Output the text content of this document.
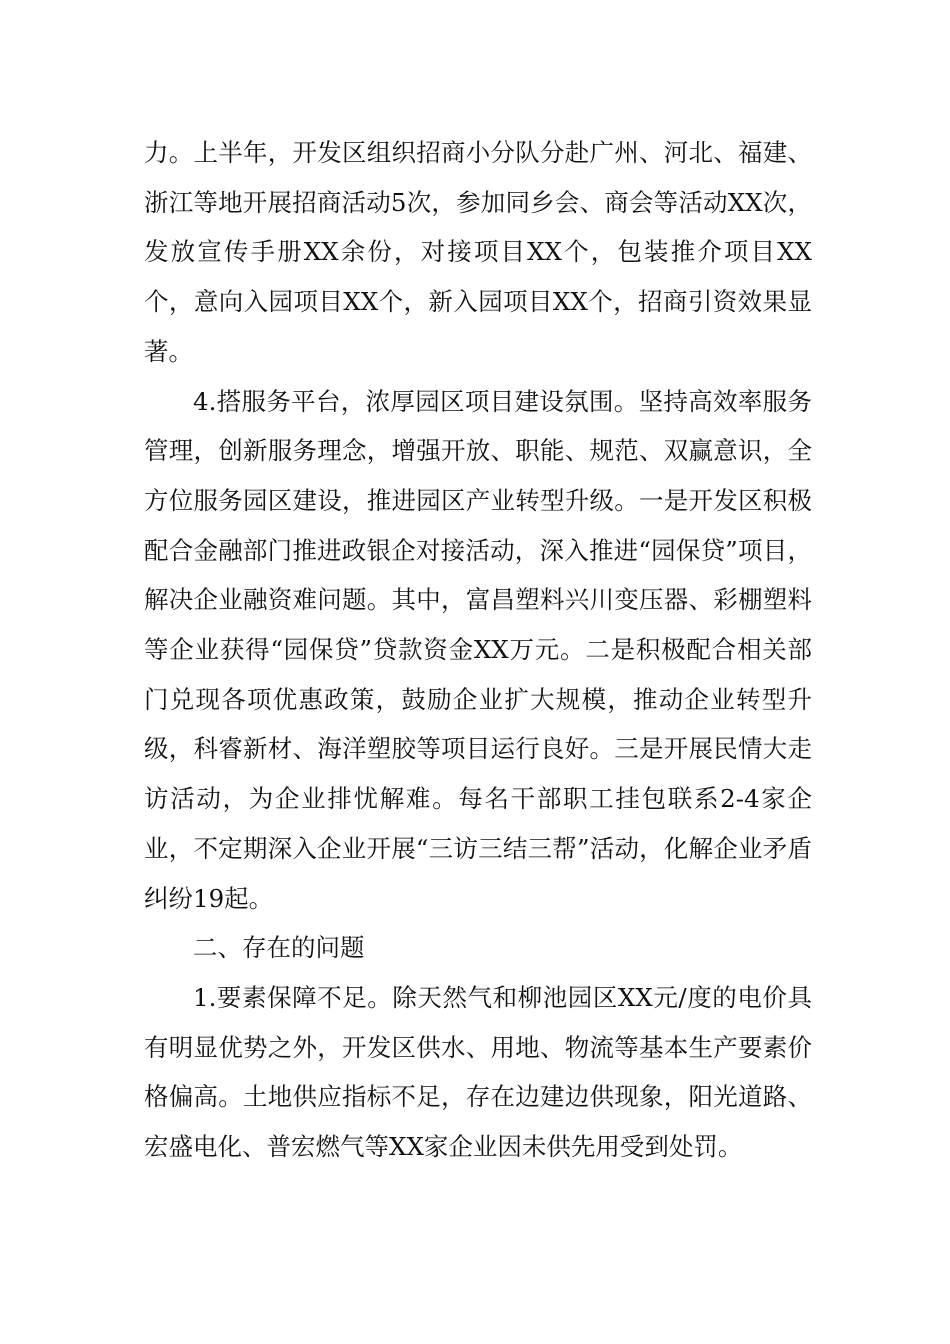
力。上半年，开发区组织招商小分队分赴广州、河北、福建、浙江等地开展招商活动5次，参加同乡会、商会等活动XX次，发放宣传手册XX余份，对接项目XX个，包装推介项目XX个，意向入园项目XX个，新入园项目XX个，招商引资效果显著。

4.搭服务平台，浓厚园区项目建设氛围。坚持高效率服务管理，创新服务理念，增强开放、职能、规范、双赢意识，全方位服务园区建设，推进园区产业转型升级。一是开发区积极配合金融部门推进政银企对接活动，深入推进“园保贷”项目，解决企业融资难问题。其中，富昌塑料兴川变压器、彩棚塑料等企业获得“园保贷”贷款资金XX万元。二是积极配合相关部门兑现各项优惠政策，鼓励企业扩大规模，推动企业转型升级，科睿新材、海洋塑胶等项目运行良好。三是开展民情大走访活动，为企业排忧解难。每名干部职工挂包联系2-4家企业，不定期深入企业开展“三访三结三帮”活动，化解企业矛盾纠纷19起。

二、存在的问题

1.要素保障不足。除天然气和柳池园区XX元/度的电价具有明显优势之外，开发区供水、用地、物流等基本生产要素价格偏高。土地供应指标不足，存在边建边供现象，阳光道路、宏盛电化、普宏燃气等XX家企业因未供先用受到处罚。
